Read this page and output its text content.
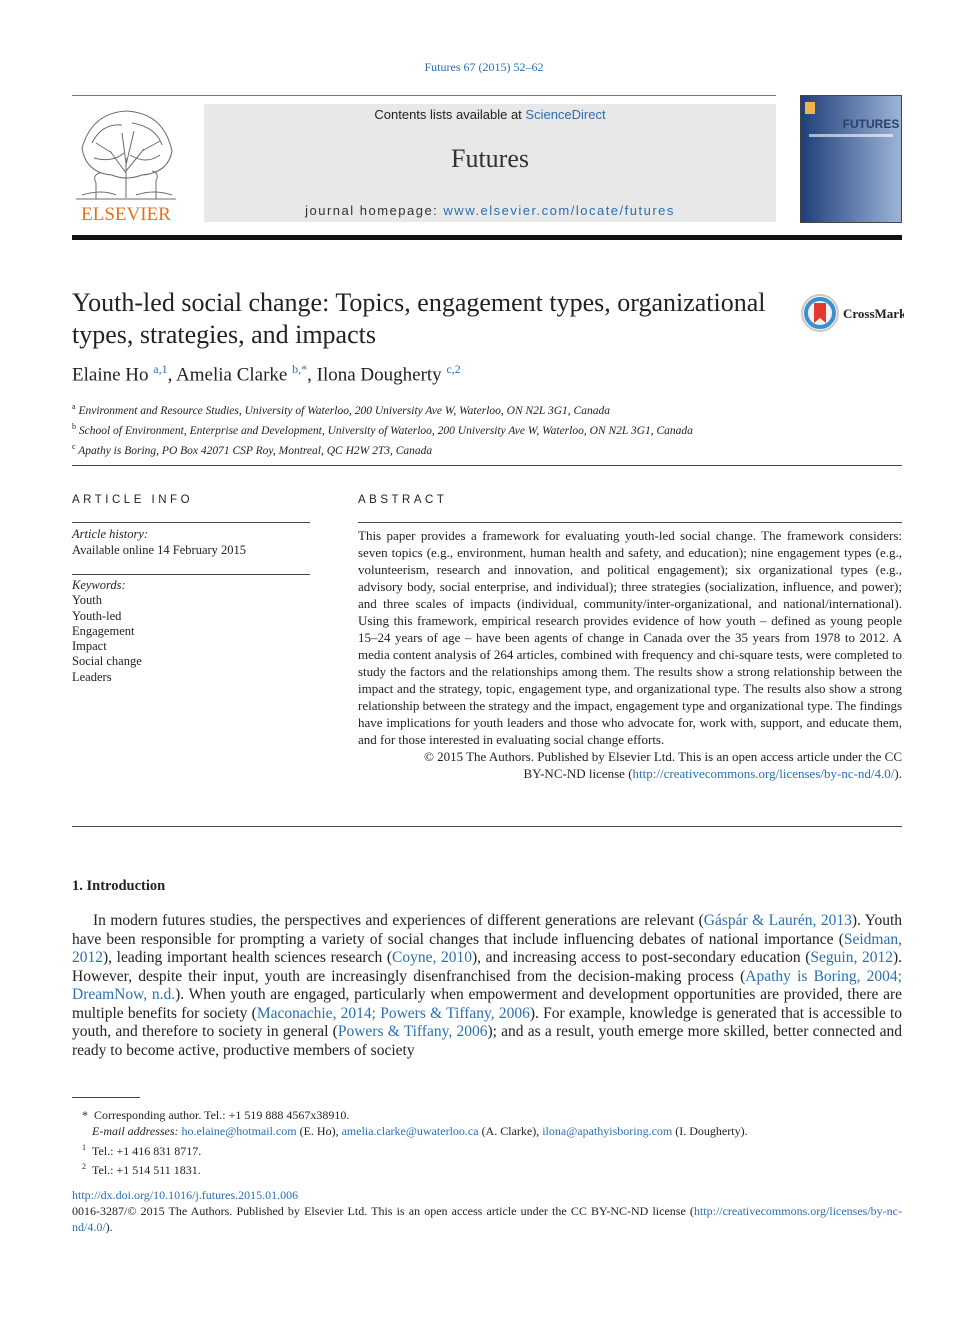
Futures 67 (2015) 52–62
ELSEVIER
Contents lists available at ScienceDirect
Futures
journal homepage: www.elsevier.com/locate/futures
FUTURES
Youth-led social change: Topics, engagement types, organizational types, strategies, and impacts
CrossMark
Elaine Ho $^{a,1}$, Amelia Clarke $^{b,*}$, Ilona Dougherty $^{c,2}$
$^a$ Environment and Resource Studies, University of Waterloo, 200 University Ave W, Waterloo, ON N2L 3G1, Canada
$^b$ School of Environment, Enterprise and Development, University of Waterloo, 200 University Ave W, Waterloo, ON N2L 3G1, Canada
$^c$ Apathy is Boring, PO Box 42071 CSP Roy, Montreal, QC H2W 2T3, Canada
ARTICLE INFO	ABSTRACT
Article history:
Available online 14 February 2015
Keywords:
Youth
Youth-led
Engagement
Impact
Social change
Leaders

This paper provides a framework for evaluating youth-led social change. The framework considers: seven topics (e.g., environment, human health and safety, and education); nine engagement types (e.g., volunteerism, research and innovation, and political engagement); six organizational types (e.g., advisory body, social enterprise, and individual); three strategies (socialization, influence, and power); and three scales of impacts (individual, community/inter-organizational, and national/international). Using this framework, empirical research provides evidence of how youth – defined as young people 15–24 years of age – have been agents of change in Canada over the 35 years from 1978 to 2012. A media content analysis of 264 articles, combined with frequency and chi-square tests, were completed to study the factors and the relationships among them. The results show a strong relationship between the impact and the strategy, topic, engagement type, and organizational type. The results also show a strong relationship between the strategy and the impact, engagement type and organizational type. The findings have implications for youth leaders and those who advocate for, work with, support, and educate them, and for those interested in evaluating social change efforts.

© 2015 The Authors. Published by Elsevier Ltd. This is an open access article under the CC
BY-NC-ND license (http://creativecommons.org/licenses/by-nc-nd/4.0/).
1. Introduction

In modern futures studies, the perspectives and experiences of different generations are relevant (Gáspár & Laurén, 2013). Youth have been responsible for prompting a variety of social changes that include influencing debates of national importance (Seidman, 2012), leading important health sciences research (Coyne, 2010), and increasing access to post-secondary education (Seguin, 2012). However, despite their input, youth are increasingly disenfranchised from the decision-making process (Apathy is Boring, 2004; DreamNow, n.d.). When youth are engaged, particularly when empowerment and development opportunities are provided, there are multiple benefits for society (Maconachie, 2014; Powers & Tiffany, 2006). For example, knowledge is generated that is accessible to youth, and therefore to society in general (Powers & Tiffany, 2006); and as a result, youth emerge more skilled, better connected and ready to become active, productive members of society

*  Corresponding author. Tel.: +1 519 888 4567x38910.
E-mail addresses: ho.elaine@hotmail.com (E. Ho), amelia.clarke@uwaterloo.ca (A. Clarke), ilona@apathyisboring.com (I. Dougherty).
$^1$ Tel.: +1 416 831 8717.
$^2$ Tel.: +1 514 511 1831.
http://dx.doi.org/10.1016/j.futures.2015.01.006
0016-3287/© 2015 The Authors. Published by Elsevier Ltd. This is an open access article under the CC BY-NC-ND license (http://creativecommons.org/licenses/by-nc-nd/4.0/).
